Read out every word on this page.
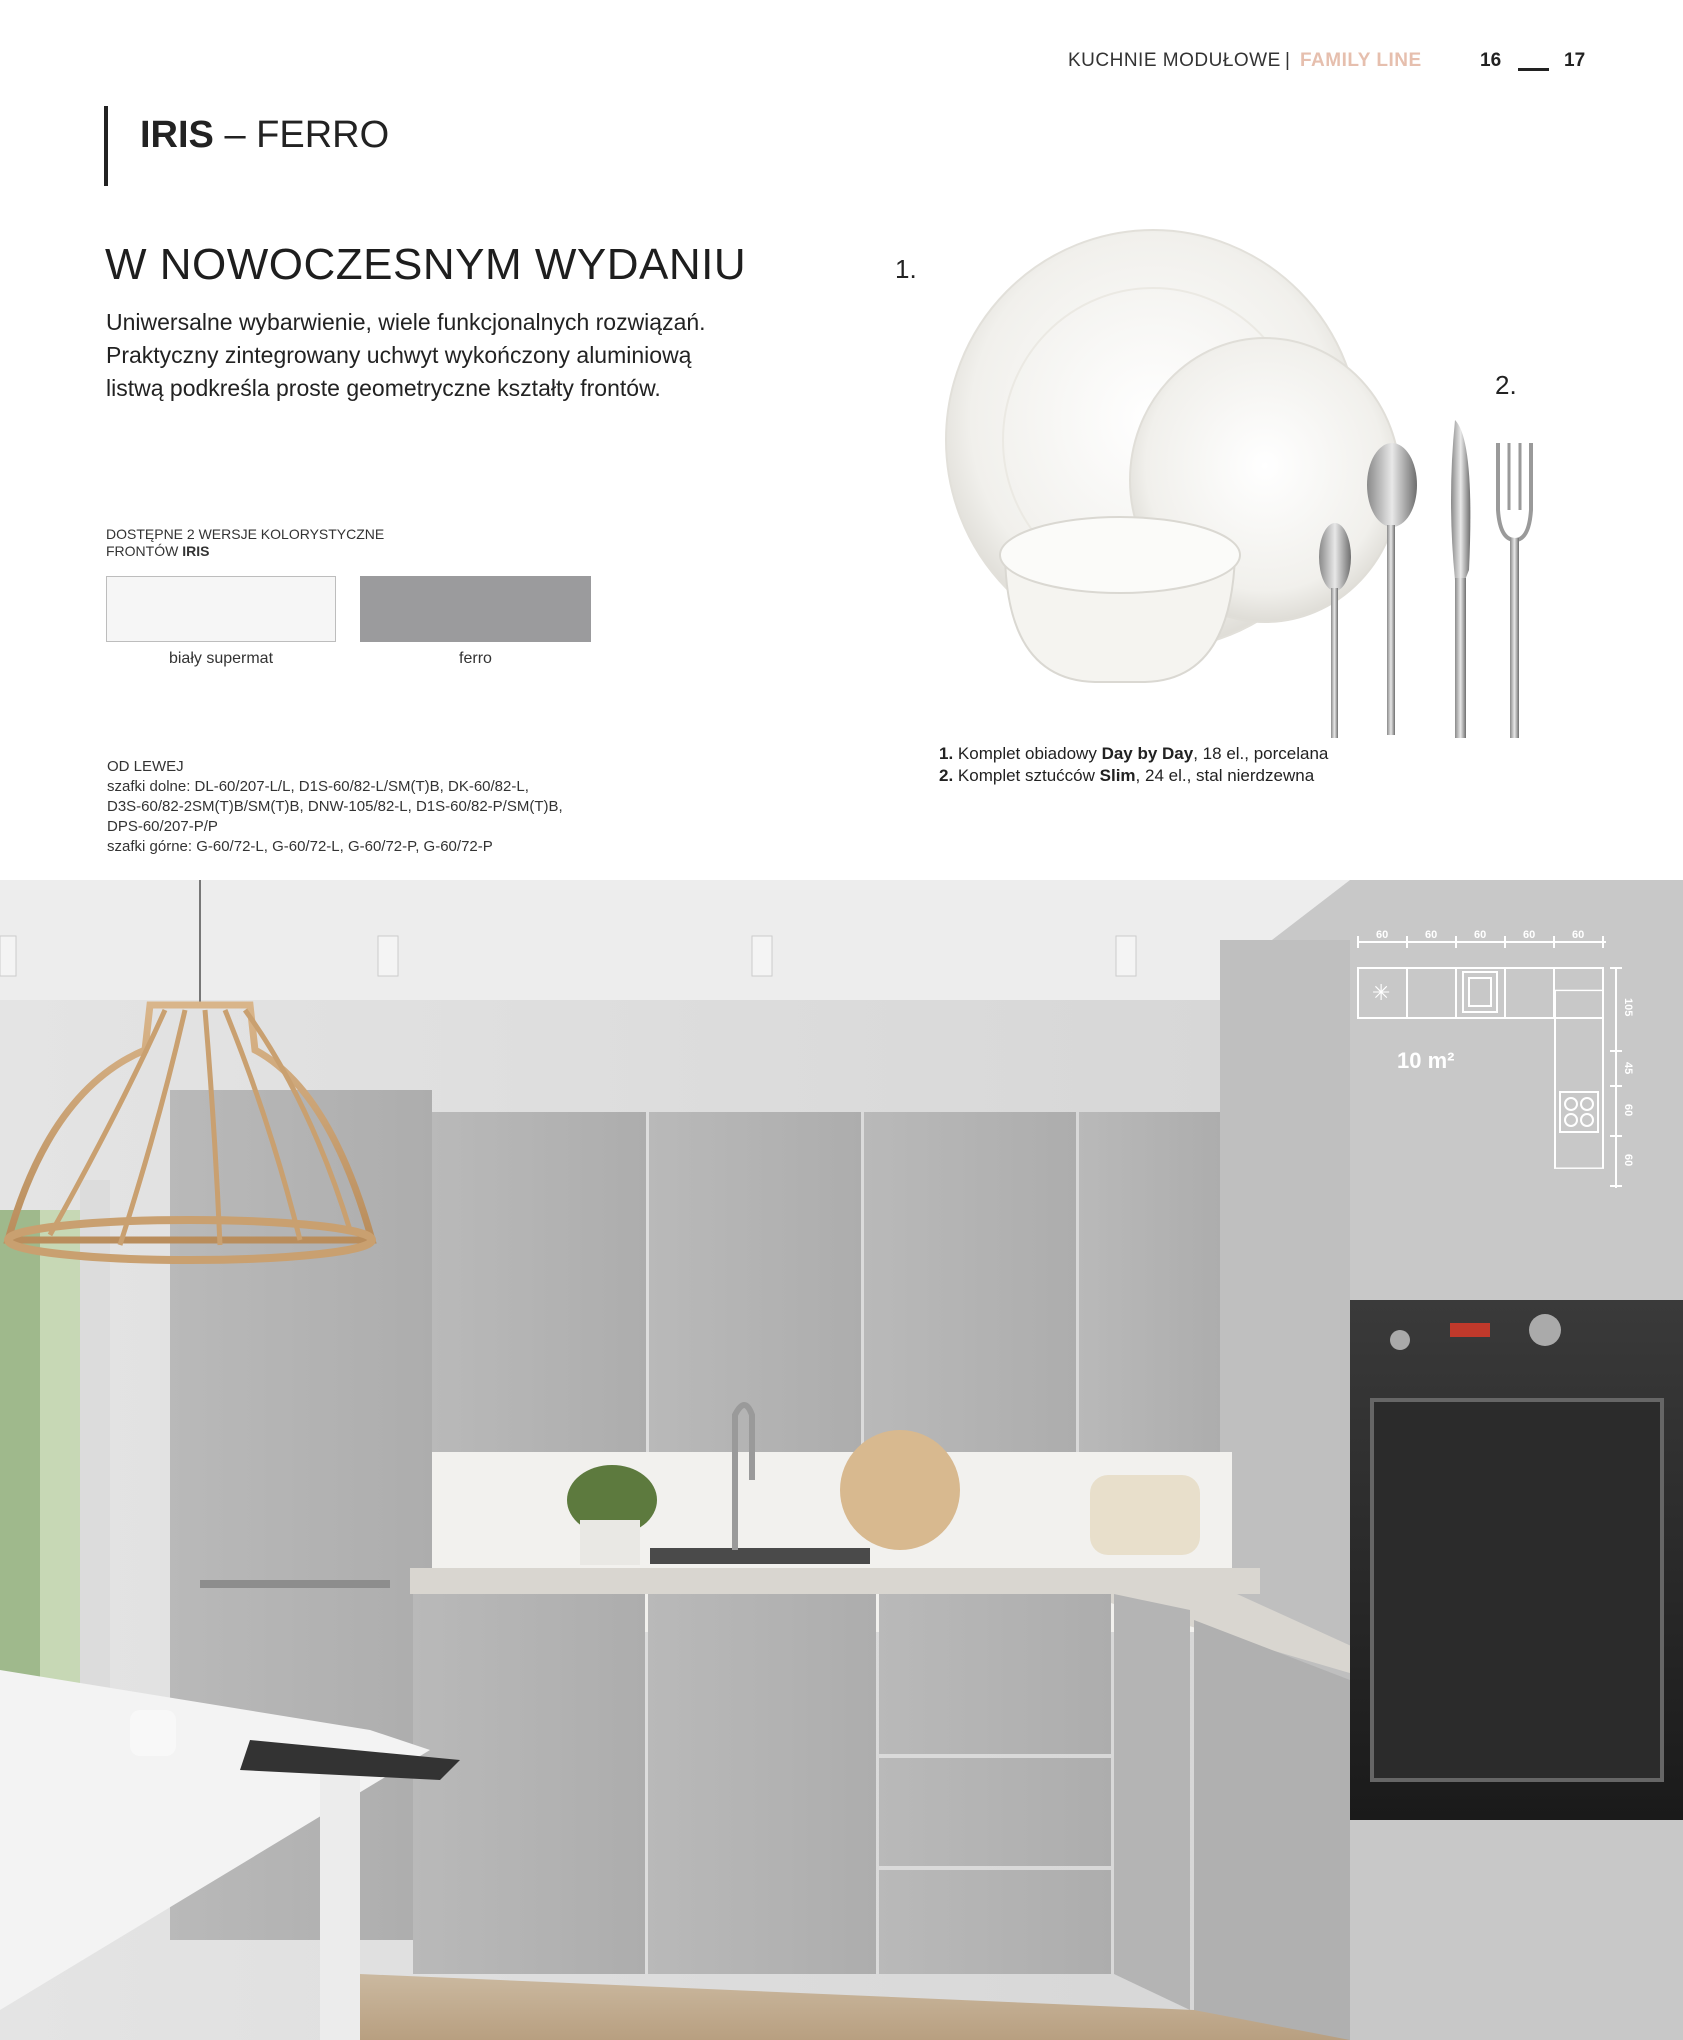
KUCHNIE MODUŁOWE | FAMILY LINE	16	17
IRIS – FERRO
W NOWOCZESNYM WYDANIU
Uniwersalne wybarwienie, wiele funkcjonalnych rozwiązań. Praktyczny zintegrowany uchwyt wykończony aluminiową listwą podkreśla proste geometryczne kształty frontów.
DOSTĘPNE 2 WERSJE KOLORYSTYCZNE
FRONTÓW IRIS
biały supermat	ferro
OD LEWEJ
szafki dolne: DL-60/207-L/L, D1S-60/82-L/SM(T)B, DK-60/82-L,
D3S-60/82-2SM(T)B/SM(T)B, DNW-105/82-L, D1S-60/82-P/SM(T)B,
DPS-60/207-P/P
szafki górne: G-60/72-L, G-60/72-L, G-60/72-P, G-60/72-P
1.
2.
1. Komplet obiadowy Day by Day, 18 el., porcelana
2. Komplet sztućców Slim, 24 el., stal nierdzewna
✳
60	60	60	60	60
105
45
60
60
10 m²
